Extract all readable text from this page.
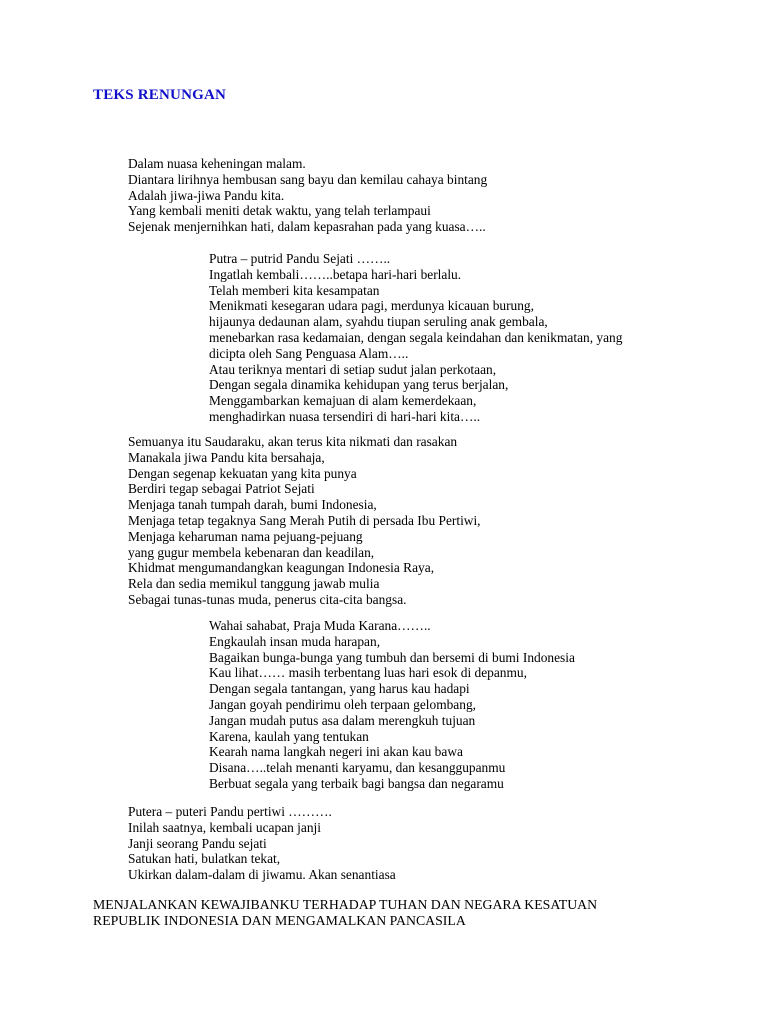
TEKS RENUNGAN
Dalam nuasa keheningan malam.
Diantara lirihnya hembusan sang bayu dan kemilau cahaya bintang
Adalah jiwa-jiwa Pandu kita.
Yang kembali meniti detak waktu, yang telah terlampaui
Sejenak menjernihkan hati, dalam kepasrahan pada yang kuasa…..
Putra – putrid Pandu Sejati ……..
Ingatlah kembali……..betapa hari-hari berlalu.
Telah memberi kita kesampatan
Menikmati kesegaran udara pagi, merdunya kicauan burung,
hijaunya dedaunan alam, syahdu tiupan seruling anak gembala,
menebarkan rasa kedamaian, dengan segala keindahan dan kenikmatan, yang
dicipta oleh Sang Penguasa Alam…..
Atau teriknya mentari di setiap sudut jalan perkotaan,
Dengan segala dinamika kehidupan yang terus berjalan,
Menggambarkan kemajuan di alam kemerdekaan,
menghadirkan nuasa tersendiri di hari-hari kita…..
Semuanya itu Saudaraku, akan terus kita nikmati dan rasakan
Manakala jiwa Pandu kita bersahaja,
Dengan segenap kekuatan yang kita punya
Berdiri tegap sebagai Patriot Sejati
Menjaga tanah tumpah darah, bumi Indonesia,
Menjaga tetap tegaknya Sang Merah Putih di persada Ibu Pertiwi,
Menjaga keharuman nama pejuang-pejuang
yang gugur membela kebenaran dan keadilan,
Khidmat mengumandangkan keagungan Indonesia Raya,
Rela dan sedia memikul tanggung jawab mulia
Sebagai tunas-tunas muda, penerus cita-cita bangsa.
Wahai sahabat, Praja Muda Karana……..
Engkaulah insan muda harapan,
Bagaikan bunga-bunga yang tumbuh dan bersemi di bumi Indonesia
Kau lihat…… masih terbentang luas hari esok di depanmu,
Dengan segala tantangan, yang harus kau hadapi
Jangan goyah pendirimu oleh terpaan gelombang,
Jangan mudah putus asa dalam merengkuh tujuan
Karena, kaulah yang tentukan
Kearah nama langkah negeri ini akan kau bawa
Disana…..telah menanti karyamu, dan kesanggupanmu
Berbuat segala yang terbaik bagi bangsa dan negaramu
Putera – puteri Pandu pertiwi ……….
Inilah saatnya, kembali ucapan janji
Janji seorang Pandu sejati
Satukan hati, bulatkan tekat,
Ukirkan dalam-dalam di jiwamu. Akan senantiasa
MENJALANKAN KEWAJIBANKU TERHADAP TUHAN DAN NEGARA KESATUAN
REPUBLIK INDONESIA DAN MENGAMALKAN PANCASILA
